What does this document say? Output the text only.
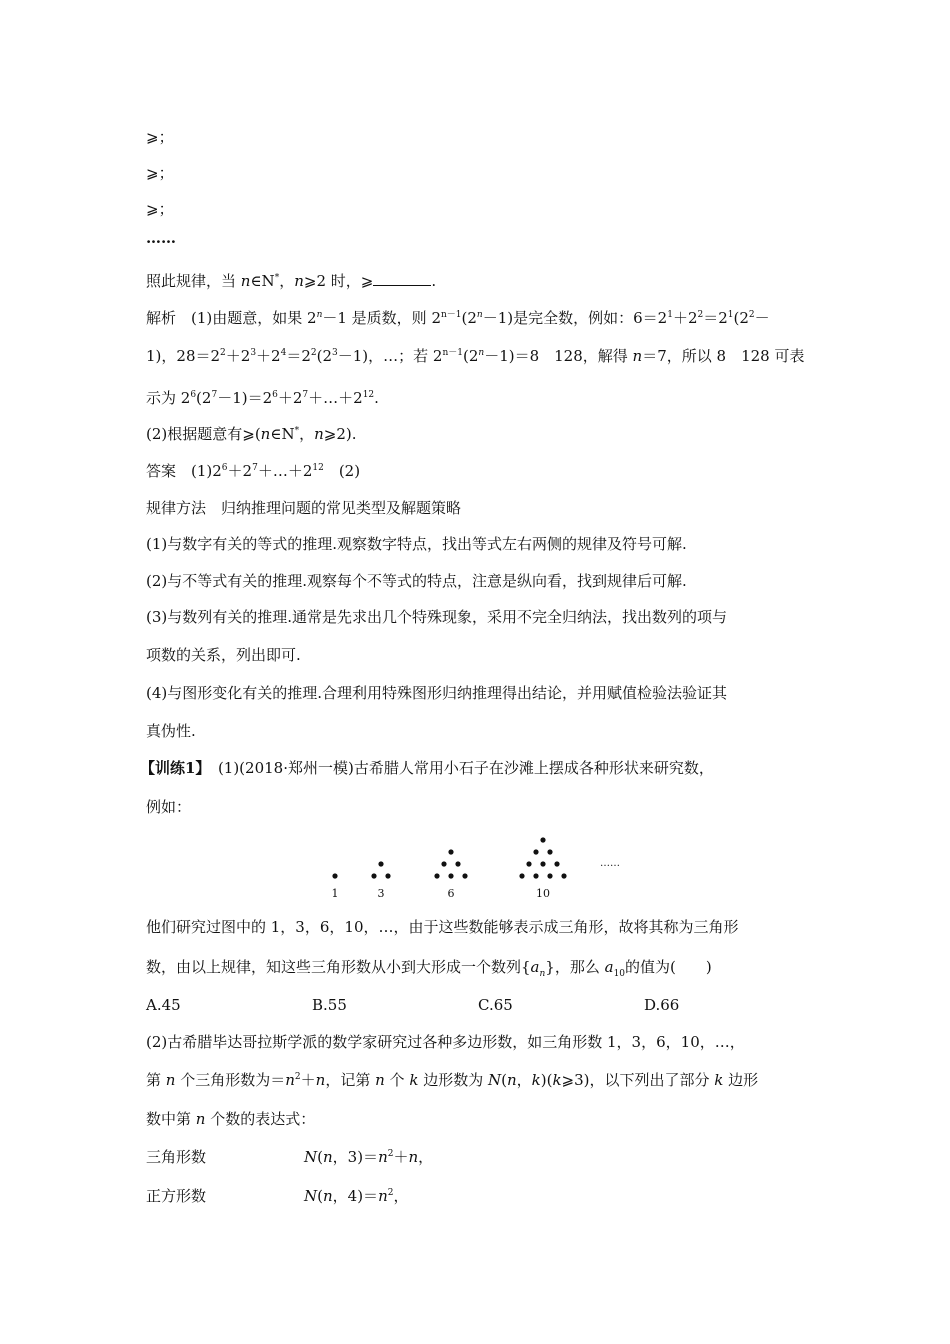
⩾；
⩾；
⩾；
……
照此规律，当 n∈N*，n⩾2 时，⩾	.
解析　(1)由题意，如果 $2^n-1$ 是质数，则 $2^{n-1}(2^n-1)$是完全数，例如：$6=2^1+2^2=2^1(2^2-$
1)，$28=2^2+2^3+2^4=2^2(2^3-1)$，…；若 $2^{n-1}(2^n-1)=8$　128，解得 n＝7，所以 8　128 可表
示为 $2^6(2^7-1)=2^6+2^7+\dots+2^{12}$.
(2)根据题意有⩾(n∈N*，n⩾2).
答案　$(1)2^6+2^7+\dots+2^{12}$　(2)
规律方法　归纳推理问题的常见类型及解题策略
(1)与数字有关的等式的推理.观察数字特点，找出等式左右两侧的规律及符号可解.
(2)与不等式有关的推理.观察每个不等式的特点，注意是纵向看，找到规律后可解.
(3)与数列有关的推理.通常是先求出几个特殊现象，采用不完全归纳法，找出数列的项与
项数的关系，列出即可.
(4)与图形变化有关的推理.合理利用特殊图形归纳推理得出结论，并用赋值检验法验证其
真伪性.
【训练1】　(1)(2018·郑州一模)古希腊人常用小石子在沙滩上摆成各种形状来研究数，
例如：
他们研究过图中的 1，3，6，10，…，由于这些数能够表示成三角形，故将其称为三角形
数，由以上规律，知这些三角形数从小到大形成一个数列$\{a_n\}$，那么 $a_{10}$的值为(　　)
A.45	B.55	C.65	D.66
(2)古希腊毕达哥拉斯学派的数学家研究过各种多边形数，如三角形数 1，3，6，10，…，
第 n 个三角形数为$=n^2+n$，记第 n 个 k 边形数为 N(n，k)(k⩾3)，以下列出了部分 k 边形
数中第 n 个数的表达式：
三角形数	N(n，$3)=n^2+n$，
正方形数	N(n，$4)=n^2$，
1	3	6	10
……
